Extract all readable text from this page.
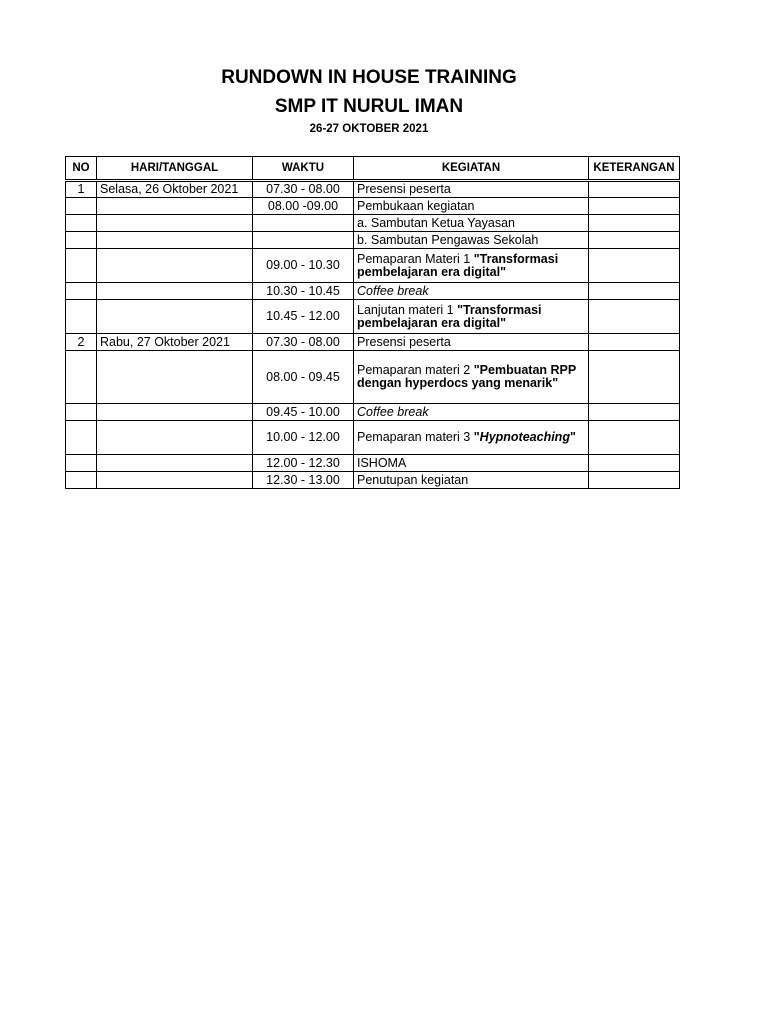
RUNDOWN IN HOUSE TRAINING
SMP IT NURUL IMAN
26-27 OKTOBER 2021
NO	HARI/TANGGAL	WAKTU	KEGIATAN	KETERANGAN
1	Selasa, 26 Oktober 2021	07.30 - 08.00	Presensi peserta	
		08.00 -09.00	Pembukaan kegiatan	
			a. Sambutan Ketua Yayasan	
			b. Sambutan Pengawas Sekolah	
		09.00 - 10.30	Pemaparan Materi 1 "Transformasi pembelajaran era digital"	
		10.30 - 10.45	Coffee break	
		10.45 - 12.00	Lanjutan materi 1 "Transformasi pembelajaran era digital"	
2	Rabu, 27 Oktober 2021	07.30 - 08.00	Presensi peserta	
		08.00 - 09.45	Pemaparan materi 2 "Pembuatan RPP dengan hyperdocs yang menarik"	
		09.45 - 10.00	Coffee break	
		10.00 - 12.00	Pemaparan materi 3 "Hypnoteaching"	
		12.00 - 12.30	ISHOMA	
		12.30 - 13.00	Penutupan kegiatan	
